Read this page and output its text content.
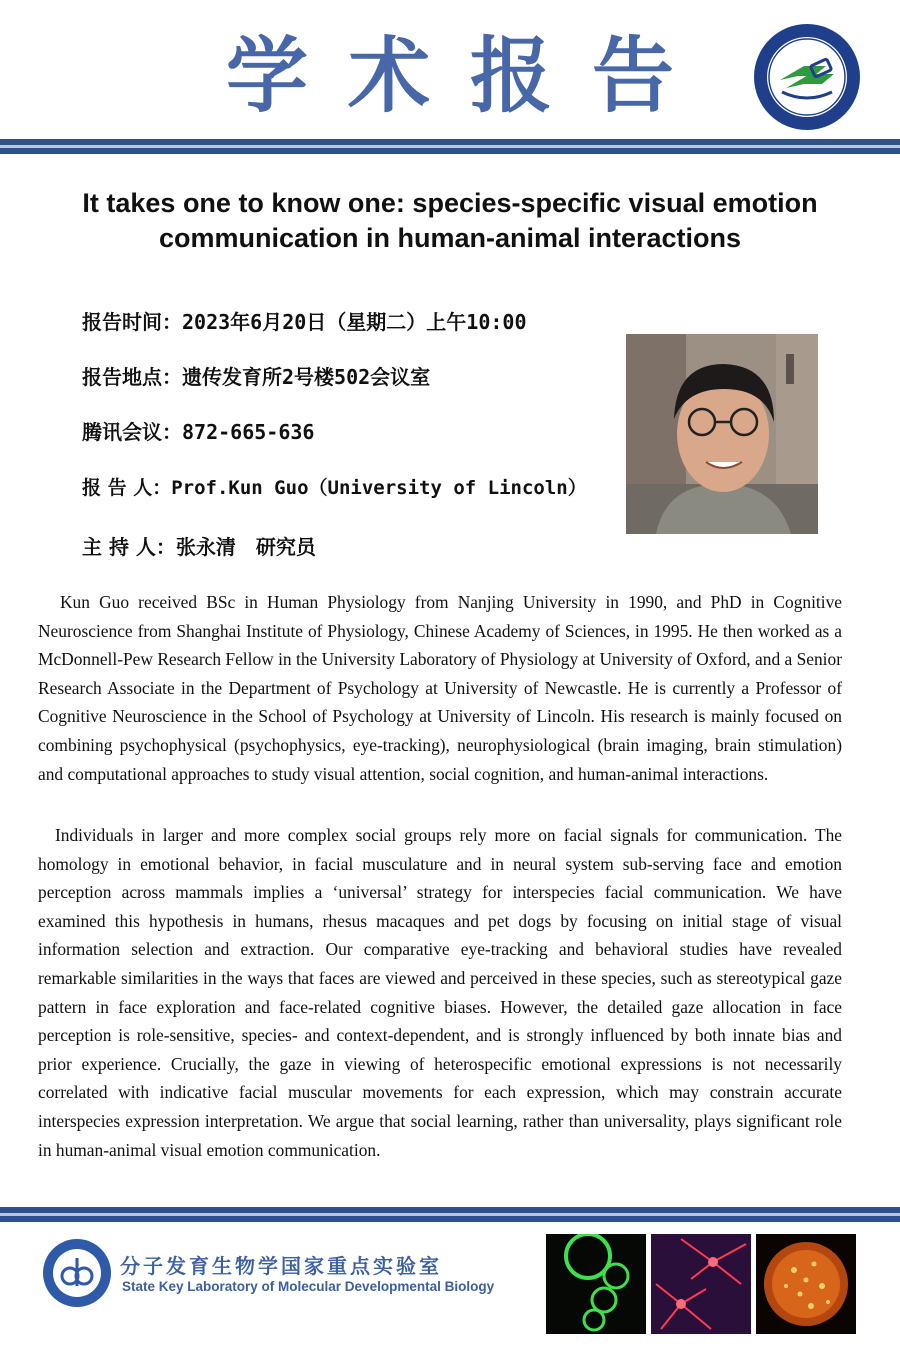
学术报告
It takes one to know one: species-specific visual emotion communication in human-animal interactions
报告时间：2023年6月20日（星期二）上午10:00
报告地点：遗传发育所2号楼502会议室
腾讯会议：872-665-636
报 告 人：Prof.Kun Guo（University of Lincoln）
主 持 人：张永清　研究员

Kun Guo received BSc in Human Physiology from Nanjing University in 1990, and PhD in Cognitive Neuroscience from Shanghai Institute of Physiology, Chinese Academy of Sciences, in 1995. He then worked as a McDonnell-Pew Research Fellow in the University Laboratory of Physiology at University of Oxford, and a Senior Research Associate in the Department of Psychology at University of Newcastle. He is currently a Professor of Cognitive Neuroscience in the School of Psychology at University of Lincoln. His research is mainly focused on combining psychophysical (psychophysics, eye-tracking), neurophysiological (brain imaging, brain stimulation) and computational approaches to study visual attention, social cognition, and human-animal interactions.

Individuals in larger and more complex social groups rely more on facial signals for communication. The homology in emotional behavior, in facial musculature and in neural system sub-serving face and emotion perception across mammals implies a ‘universal’ strategy for interspecies facial communication. We have examined this hypothesis in humans, rhesus macaques and pet dogs by focusing on initial stage of visual information selection and extraction. Our comparative eye-tracking and behavioral studies have revealed remarkable similarities in the ways that faces are viewed and perceived in these species, such as stereotypical gaze pattern in face exploration and face-related cognitive biases. However, the detailed gaze allocation in face perception is role-sensitive, species- and context-dependent, and is strongly influenced by both innate bias and prior experience. Crucially, the gaze in viewing of heterospecific emotional expressions is not necessarily correlated with indicative facial muscular movements for each expression, which may constrain accurate interspecies expression interpretation. We argue that social learning, rather than universality, plays significant role in human-animal visual emotion communication.

分子发育生物学国家重点实验室
State Key Laboratory of Molecular Developmental Biology
